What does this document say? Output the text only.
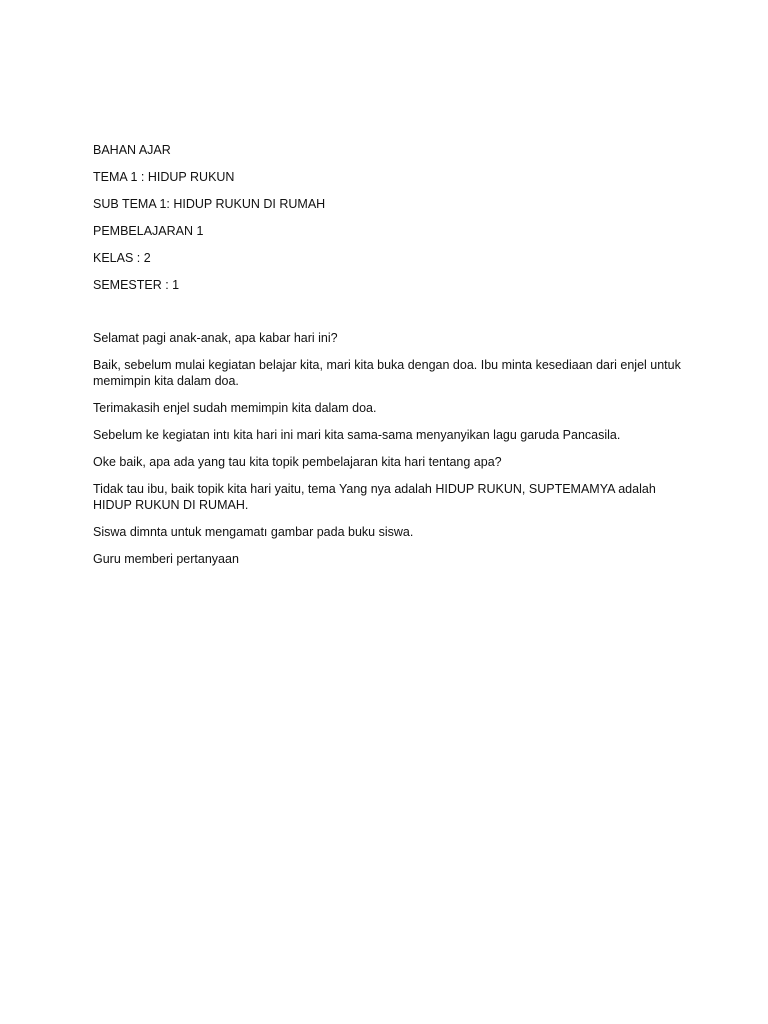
BAHAN AJAR
TEMA 1 : HIDUP RUKUN
SUB TEMA 1: HIDUP RUKUN DI RUMAH
PEMBELAJARAN 1
KELAS : 2
SEMESTER : 1

Selamat pagi anak-anak, apa kabar hari ini?

Baik, sebelum mulai kegiatan belajar kita, mari kita buka dengan doa. Ibu minta kesediaan dari enjel untuk memimpin kita dalam doa.

Terimakasih enjel sudah memimpin kita dalam doa.

Sebelum ke kegiatan intı kita hari ini mari kita sama-sama menyanyikan lagu garuda Pancasila.

Oke baik, apa ada yang tau kita topik pembelajaran kita hari tentang apa?

Tidak tau ibu, baik topik kita hari yaitu, tema Yang nya adalah HIDUP RUKUN, SUPTEMAMYA adalah HIDUP RUKUN DI RUMAH.

Siswa dimnta untuk mengamatı gambar pada buku siswa.

Guru memberi pertanyaan
